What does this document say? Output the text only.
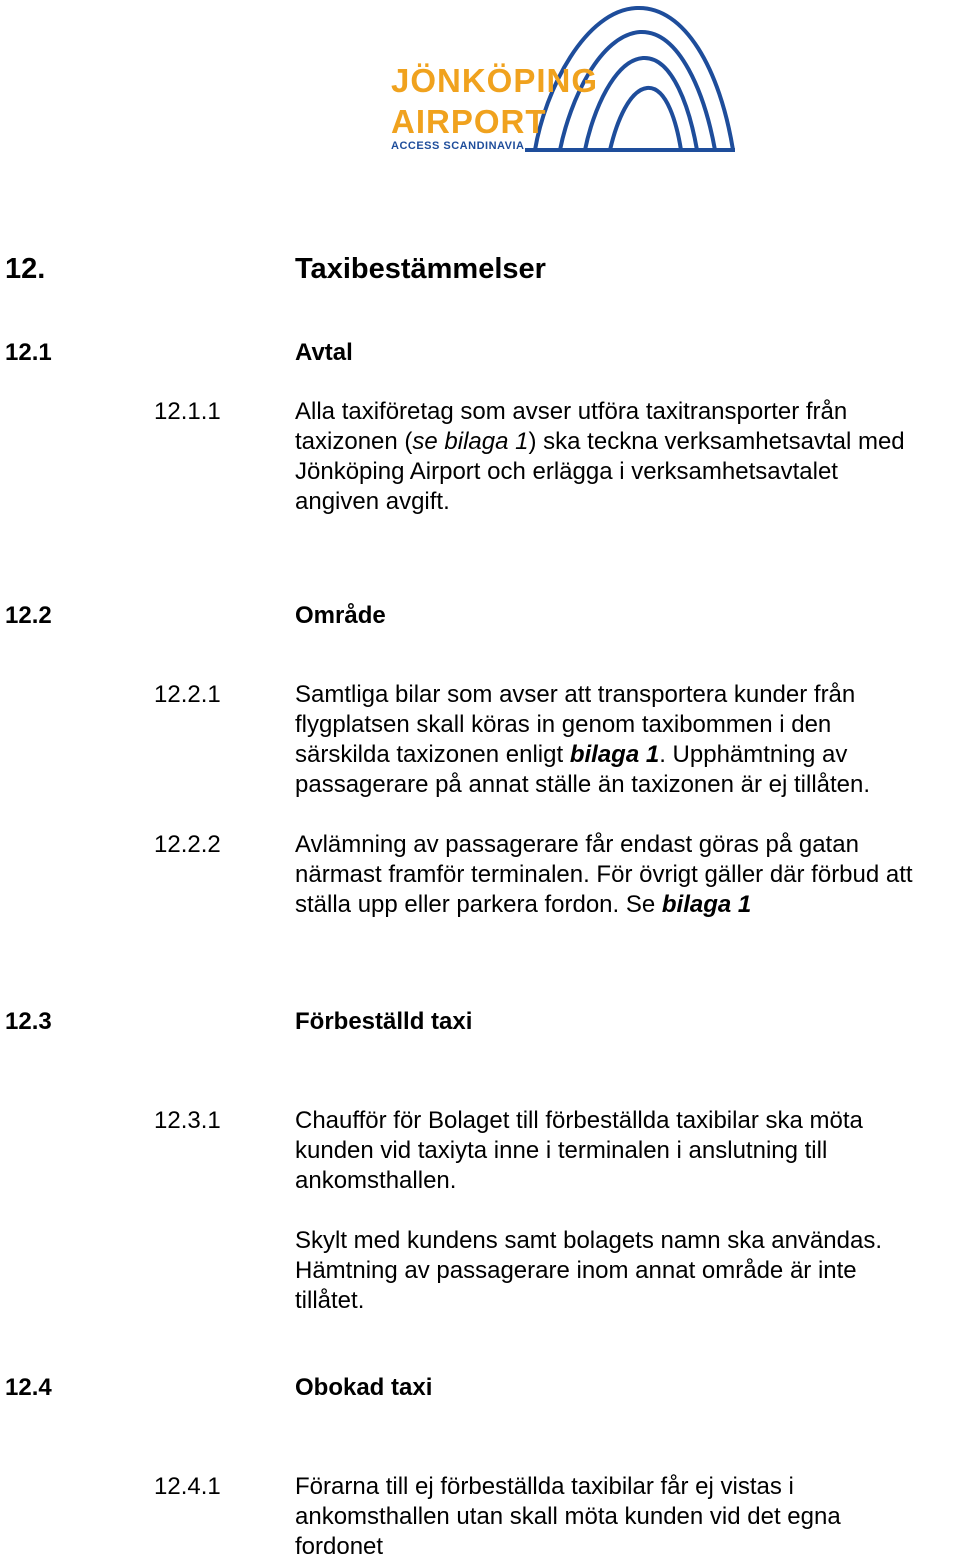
JÖNKÖPING
AIRPORT
ACCESS SCANDINAVIA
12.	Taxibestämmelser
12.1	Avtal
12.1.1	Alla taxiföretag som avser utföra taxitransporter från
taxizonen (se bilaga 1) ska teckna verksamhetsavtal med
Jönköping Airport och erlägga i verksamhetsavtalet
angiven avgift.
12.2	Område
12.2.1	Samtliga bilar som avser att transportera kunder från
flygplatsen skall köras in genom taxibommen i den
särskilda taxizonen enligt bilaga 1. Upphämtning av
passagerare på annat ställe än taxizonen är ej tillåten.
12.2.2	Avlämning av passagerare får endast göras på gatan
närmast framför terminalen. För övrigt gäller där förbud att
ställa upp eller parkera fordon. Se bilaga 1
12.3	Förbeställd taxi
12.3.1	Chaufför för Bolaget till förbeställda taxibilar ska möta
kunden vid taxiyta inne i terminalen i anslutning till
ankomsthallen.
Skylt med kundens samt bolagets namn ska användas.
Hämtning av passagerare inom annat område är inte
tillåtet.
12.4	Obokad taxi
12.4.1	Förarna till ej förbeställda taxibilar får ej vistas i
ankomsthallen utan skall möta kunden vid det egna
fordonet
